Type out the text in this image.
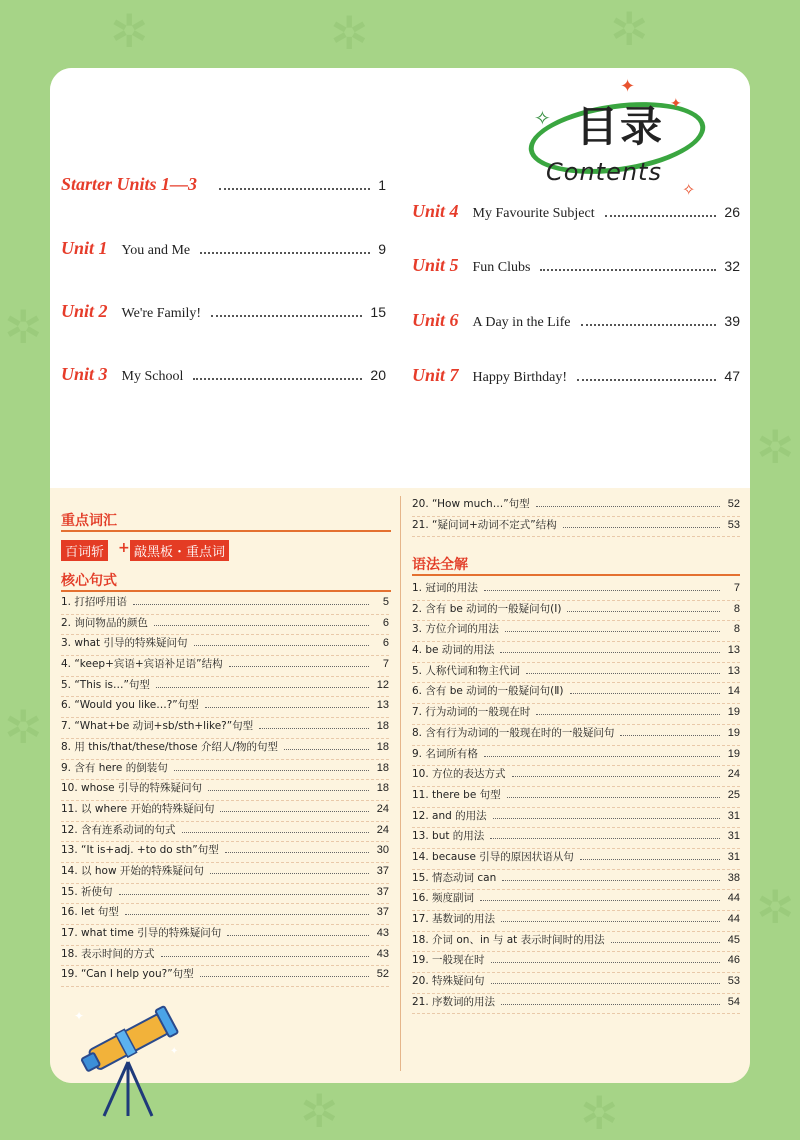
✲	✲	✲
✲
✲
✲
✲
✲	✲
目录
Contents
✦
✧
✦
✧
Starter Units 1—3	1
Unit 1 You and Me	9
Unit 2 We're Family!	15
Unit 3 My School	20
Unit 4 My Favourite Subject	26
Unit 5 Fun Clubs	32
Unit 6 A Day in the Life	39
Unit 7 Happy Birthday!	47
重点词汇
百词斩 + 敲黑板・重点词
核心句式
1. 打招呼用语	5
2. 询问物品的颜色	6
3. what 引导的特殊疑问句	6
4. “keep+宾语+宾语补足语”结构	7
5. “This is…”句型	12
6. “Would you like…?”句型	13
7. “What+be 动词+sb/sth+like?”句型	18
8. 用 this/that/these/those 介绍人/物的句型	18
9. 含有 here 的倒装句	18
10. whose 引导的特殊疑问句	18
11. 以 where 开始的特殊疑问句	24
12. 含有连系动词的句式	24
13. “It is+adj. +to do sth”句型	30
14. 以 how 开始的特殊疑问句	37
15. 祈使句	37
16. let 句型	37
17. what time 引导的特殊疑问句	43
18. 表示时间的方式	43
19. “Can I help you?”句型	52
20. “How much…”句型	52
21. “疑问词+动词不定式”结构	53
语法全解
1. 冠词的用法	7
2. 含有 be 动词的一般疑问句(Ⅰ)	8
3. 方位介词的用法	8
4. be 动词的用法	13
5. 人称代词和物主代词	13
6. 含有 be 动词的一般疑问句(Ⅱ)	14
7. 行为动词的一般现在时	19
8. 含有行为动词的一般现在时的一般疑问句	19
9. 名词所有格	19
10. 方位的表达方式	24
11. there be 句型	25
12. and 的用法	31
13. but 的用法	31
14. because 引导的原因状语从句	31
15. 情态动词 can	38
16. 频度副词	44
17. 基数词的用法	44
18. 介词 on、in 与 at 表示时间时的用法	45
19. 一般现在时	46
20. 特殊疑问句	53
21. 序数词的用法	54
✦
✦
